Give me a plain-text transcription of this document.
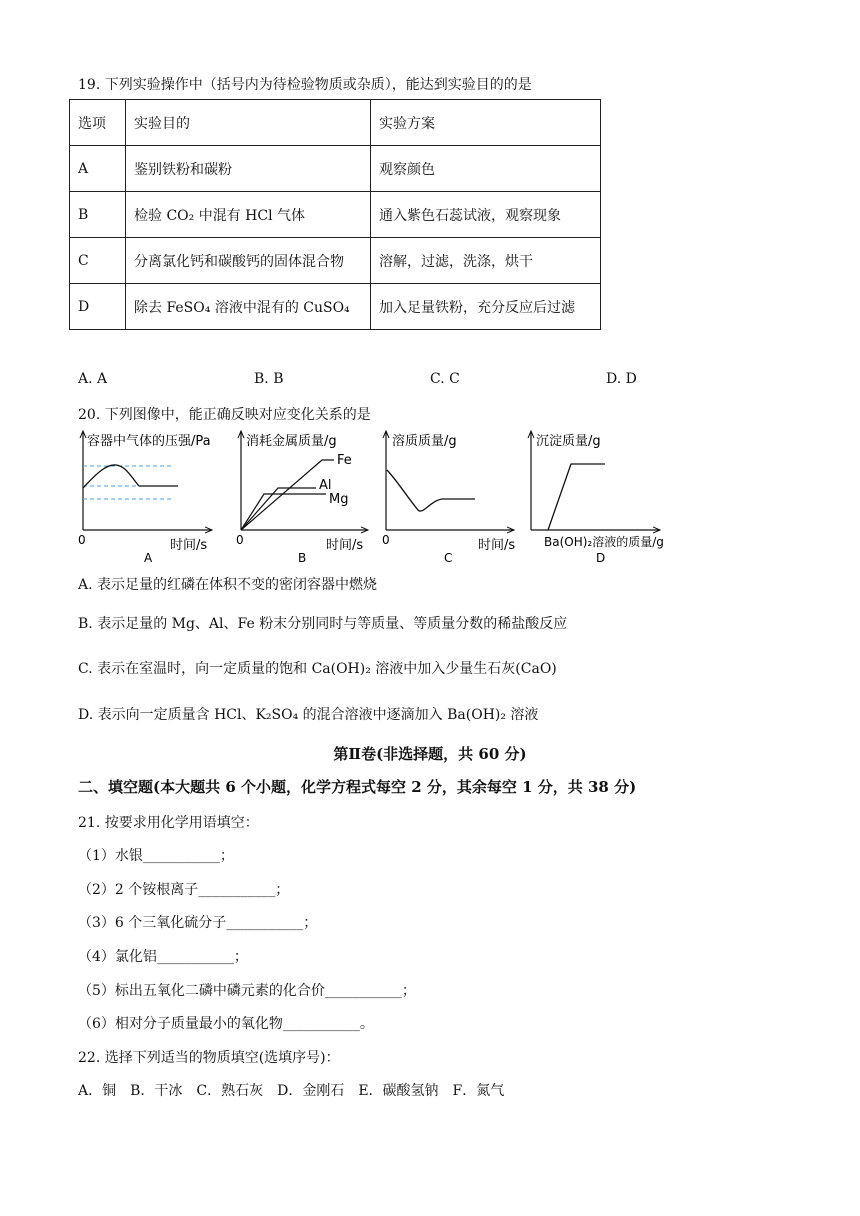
19. 下列实验操作中（括号内为待检验物质或杂质），能达到实验目的的是
选项	实验目的	实验方案
A	鉴别铁粉和碳粉	观察颜色
B	检验 CO₂ 中混有 HCl 气体	通入紫色石蕊试液，观察现象
C	分离氯化钙和碳酸钙的固体混合物	溶解，过滤，洗涤，烘干
D	除去 FeSO₄ 溶液中混有的 CuSO₄	加入足量铁粉，充分反应后过滤
A. A	B. B	C. C	D. D
20. 下列图像中，能正确反映对应变化关系的是
容器中气体的压强/Pa
0	时间/s
A
消耗金属质量/g
Fe
Al
Mg
0	时间/s
B
溶质质量/g
0	时间/s
C
沉淀质量/g
Ba(OH)₂溶液的质量/g
D
A. 表示足量的红磷在体积不变的密闭容器中燃烧
B. 表示足量的 Mg、Al、Fe 粉末分别同时与等质量、等质量分数的稀盐酸反应
C. 表示在室温时，向一定质量的饱和 Ca(OH)₂ 溶液中加入少量生石灰(CaO)
D. 表示向一定质量含 HCl、K₂SO₄ 的混合溶液中逐滴加入 Ba(OH)₂ 溶液
第Ⅱ卷(非选择题，共 60 分)
二、填空题(本大题共 6 个小题，化学方程式每空 2 分，其余每空 1 分，共 38 分)
21. 按要求用化学用语填空：
（1）水银___________；
（2）2 个铵根离子___________；
（3）6 个三氧化硫分子___________；
（4）氯化铝___________；
（5）标出五氧化二磷中磷元素的化合价___________；
（6）相对分子质量最小的氧化物___________。
22. 选择下列适当的物质填空(选填序号)：
A．铜　B．干冰　C．熟石灰　D．金刚石　E．碳酸氢钠　F．氮气
